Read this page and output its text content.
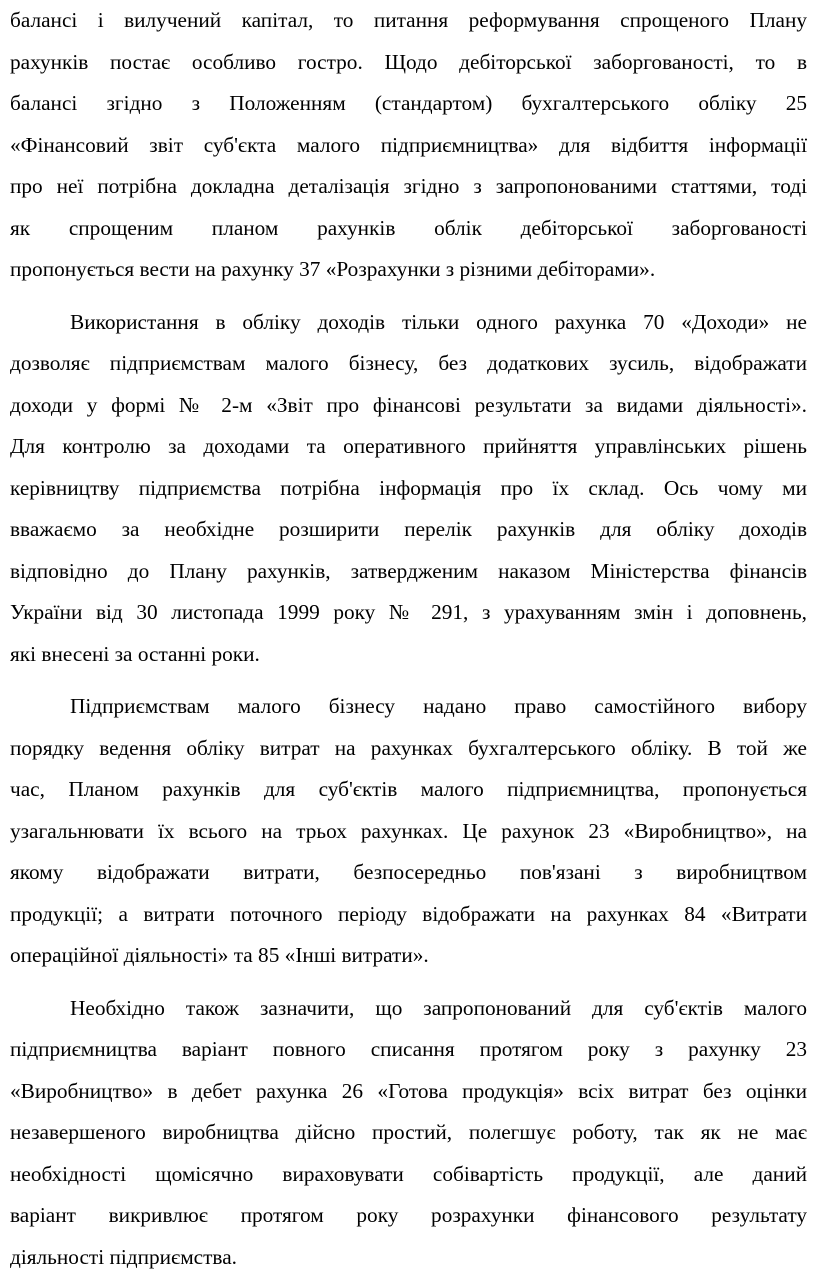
балансі і вилучений капітал, то питання реформування спрощеного Плану
рахунків постає особливо гостро. Щодо дебіторської заборгованості, то в
балансі згідно з Положенням (стандартом) бухгалтерського обліку 25
«Фінансовий звіт суб'єкта малого підприємництва» для відбиття інформації
про неї потрібна докладна деталізація згідно з запропонованими статтями, тоді
як спрощеним планом рахунків облік дебіторської заборгованості
пропонується вести на рахунку 37 «Розрахунки з різними дебіторами».
Використання в обліку доходів тільки одного рахунка 70 «Доходи» не
дозволяє підприємствам малого бізнесу, без додаткових зусиль, відображати
доходи у формі № 2-м «Звіт про фінансові результати за видами діяльності».
Для контролю за доходами та оперативного прийняття управлінських рішень
керівництву підприємства потрібна інформація про їх склад. Ось чому ми
вважаємо за необхідне розширити перелік рахунків для обліку доходів
відповідно до Плану рахунків, затвердженим наказом Міністерства фінансів
України від 30 листопада 1999 року № 291, з урахуванням змін і доповнень,
які внесені за останні роки.
Підприємствам малого бізнесу надано право самостійного вибору
порядку ведення обліку витрат на рахунках бухгалтерського обліку. В той же
час, Планом рахунків для суб'єктів малого підприємництва, пропонується
узагальнювати їх всього на трьох рахунках. Це рахунок 23 «Виробництво», на
якому відображати витрати, безпосередньо пов'язані з виробництвом
продукції; а витрати поточного періоду відображати на рахунках 84 «Витрати
операційної діяльності» та 85 «Інші витрати».
Необхідно також зазначити, що запропонований для суб'єктів малого
підприємництва варіант повного списання протягом року з рахунку 23
«Виробництво» в дебет рахунка 26 «Готова продукція» всіх витрат без оцінки
незавершеного виробництва дійсно простий, полегшує роботу, так як не має
необхідності щомісячно вираховувати собівартість продукції, але даний
варіант викривлює протягом року розрахунки фінансового результату
діяльності підприємства.
